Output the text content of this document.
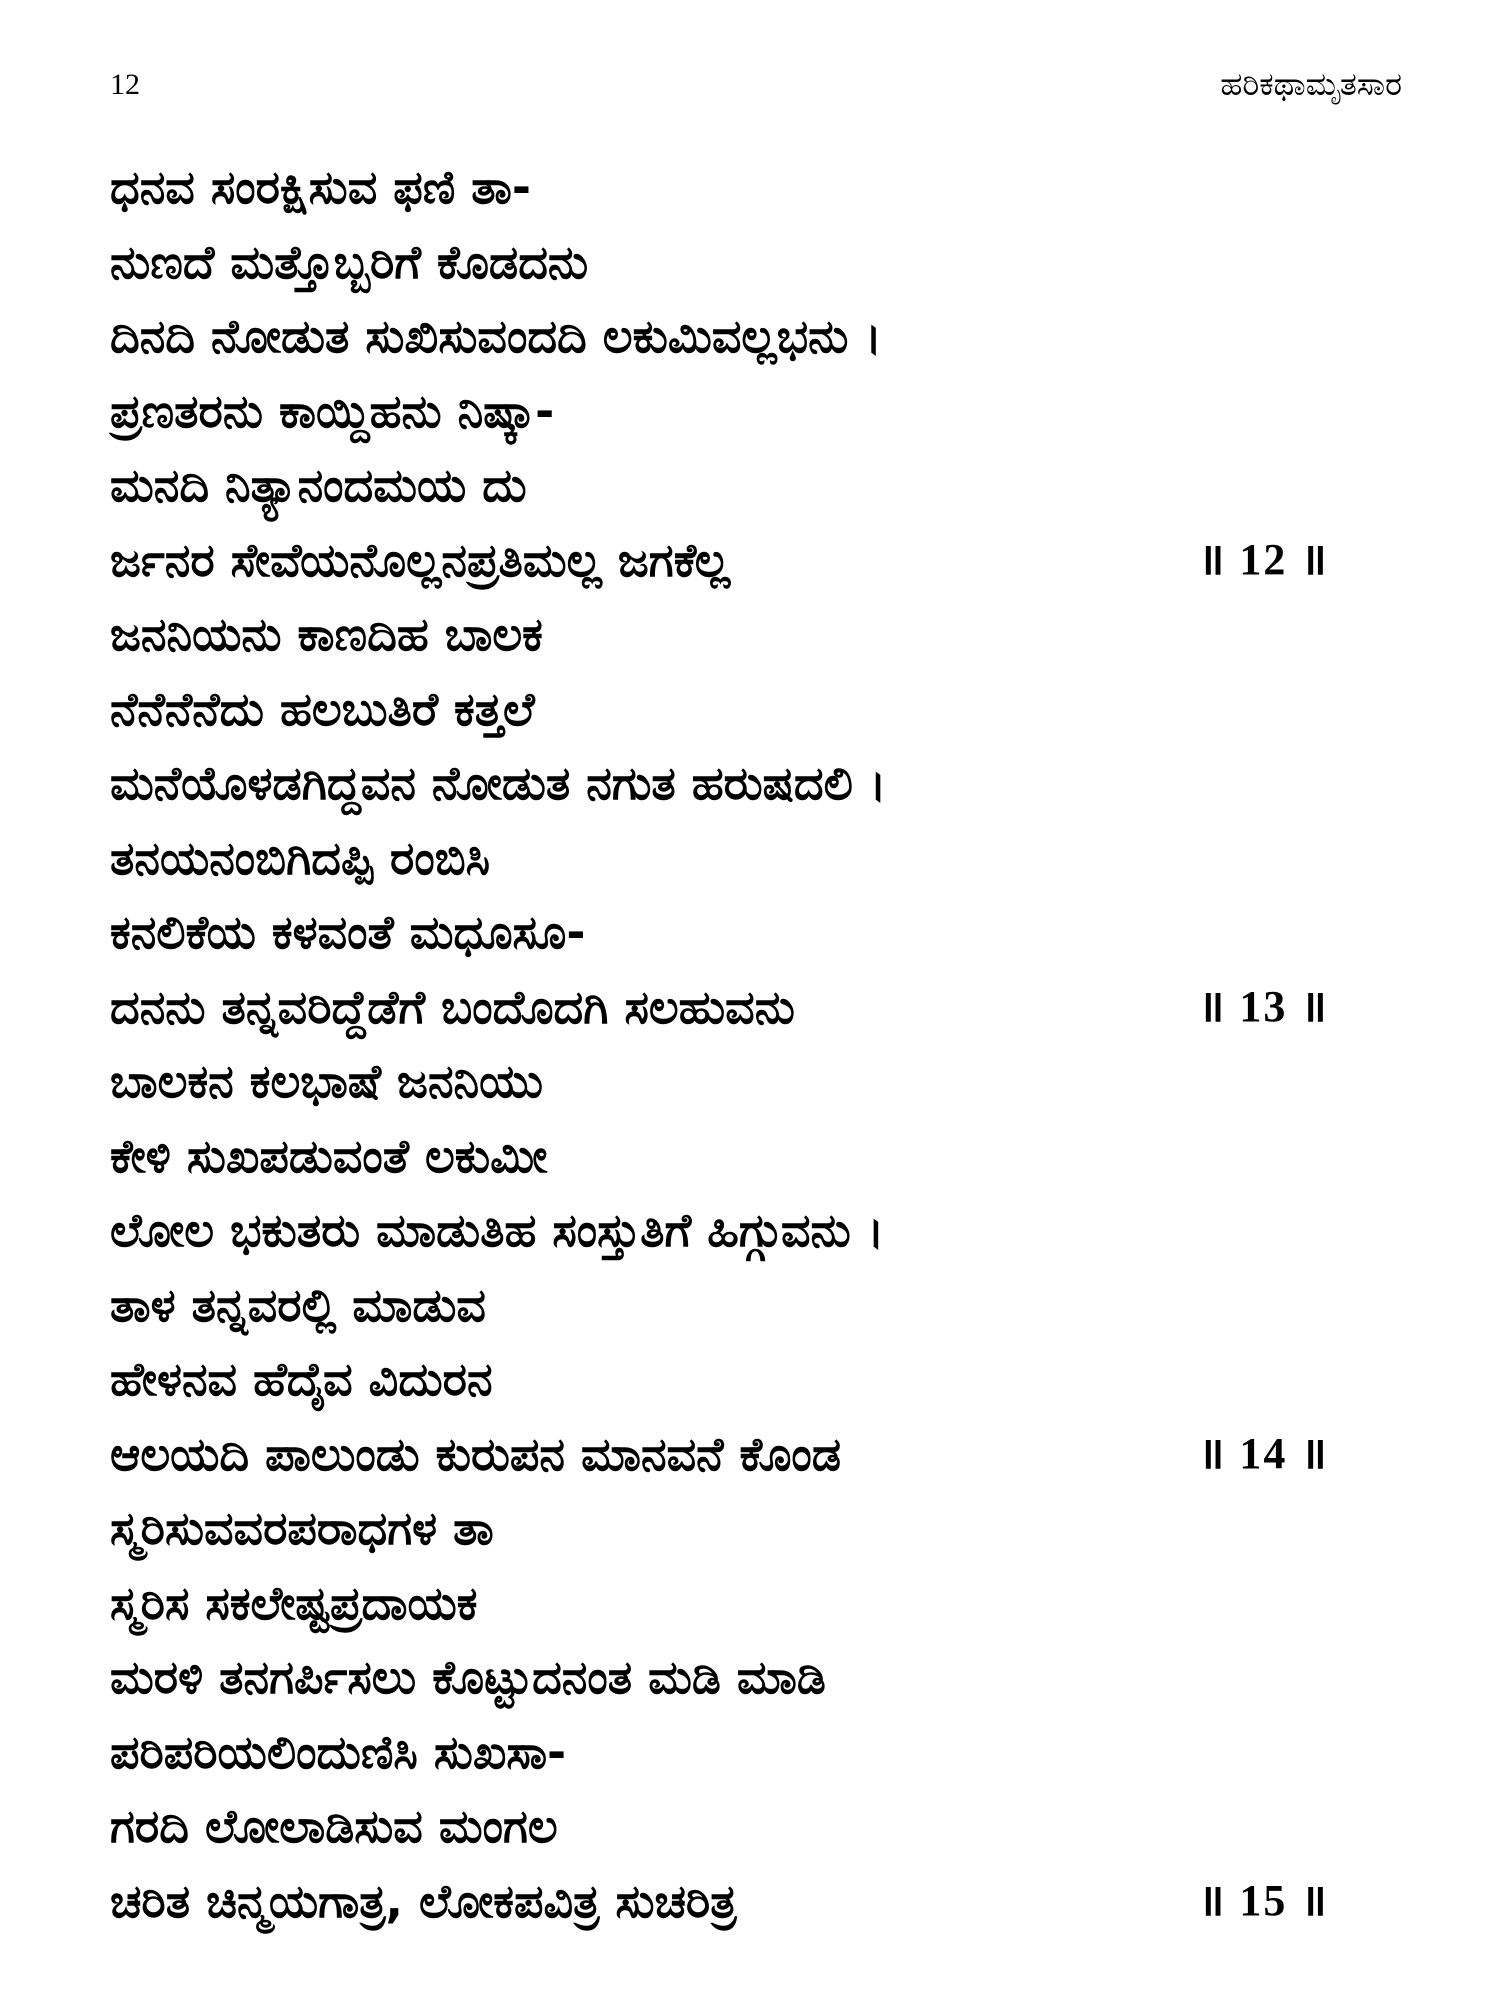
12	ಹರಿಕಥಾಮೃತಸಾರ
ಧನವ ಸಂರಕ್ಷಿಸುವ ಫಣಿ ತಾ-
ನುಣದೆ ಮತ್ತೊಬ್ಬರಿಗೆ ಕೊಡದನು
ದಿನದಿ ನೋಡುತ ಸುಖಿಸುವಂದದಿ ಲಕುಮಿವಲ್ಲಭನು ।
ಪ್ರಣತರನು ಕಾಯ್ದಿಹನು ನಿಷ್ಕಾ-
ಮನದಿ ನಿತ್ಯಾನಂದಮಯ ದು
ರ್ಜನರ ಸೇವೆಯನೊಲ್ಲನಪ್ರತಿಮಲ್ಲ ಜಗಕೆಲ್ಲ	॥ 12 ॥
ಜನನಿಯನು ಕಾಣದಿಹ ಬಾಲಕ
ನೆನೆನೆನೆದು ಹಲಬುತಿರೆ ಕತ್ತಲೆ
ಮನೆಯೊಳಡಗಿದ್ದವನ ನೋಡುತ ನಗುತ ಹರುಷದಲಿ ।
ತನಯನಂಬಿಗಿದಪ್ಪಿ ರಂಬಿಸಿ
ಕನಲಿಕೆಯ ಕಳವಂತೆ ಮಧೂಸೂ-
ದನನು ತನ್ನವರಿದ್ದೆಡೆಗೆ ಬಂದೊದಗಿ ಸಲಹುವನು	॥ 13 ॥
ಬಾಲಕನ ಕಲಭಾಷೆ ಜನನಿಯು
ಕೇಳಿ ಸುಖಪಡುವಂತೆ ಲಕುಮೀ
ಲೋಲ ಭಕುತರು ಮಾಡುತಿಹ ಸಂಸ್ತುತಿಗೆ ಹಿಗ್ಗುವನು ।
ತಾಳ ತನ್ನವರಲ್ಲಿ ಮಾಡುವ
ಹೇಳನವ ಹೆದೈವ ವಿದುರನ
ಆಲಯದಿ ಪಾಲುಂಡು ಕುರುಪನ ಮಾನವನೆ ಕೊಂಡ	॥ 14 ॥
ಸ್ಮರಿಸುವವರಪರಾಧಗಳ ತಾ
ಸ್ಮರಿಸ ಸಕಲೇಷ್ಟಪ್ರದಾಯಕ
ಮರಳಿ ತನಗರ್ಪಿಸಲು ಕೊಟ್ಟುದನಂತ ಮಡಿ ಮಾಡಿ
ಪರಿಪರಿಯಲಿಂದುಣಿಸಿ ಸುಖಸಾ-
ಗರದಿ ಲೋಲಾಡಿಸುವ ಮಂಗಲ
ಚರಿತ ಚಿನ್ಮಯಗಾತ್ರ, ಲೋಕಪವಿತ್ರ ಸುಚರಿತ್ರ	॥ 15 ॥
